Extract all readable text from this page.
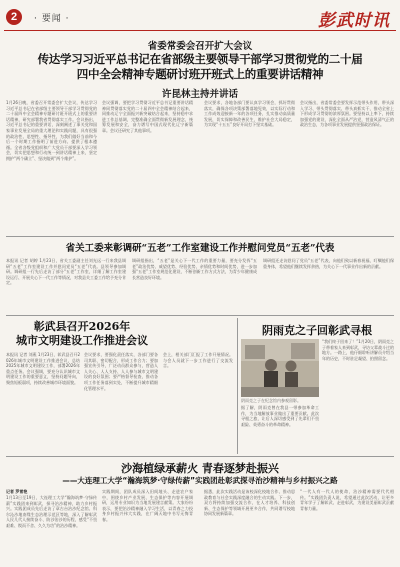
2	· 要闻 ·	彭武时讯
省委常委会召开扩大会议
传达学习习近平总书记在省部级主要领导干部学习贯彻党的二十届
四中全会精神专题研讨班开班式上的重要讲话精神
许昆林主持并讲话
1月26日晚，省委召开常委会扩大会议，传达学习习近平总书记在省部级主要领导干部学习贯彻党的二十届四中全会精神专题研讨班开班式上的重要讲话精神，研究部署我省贯彻落实工作。会议指出，习近平总书记的重要讲话，深刻阐述了事关党和国家事业发展全局的重大理论和实践问题，具有很强的政治性、思想性、指导性，为我们做好当前和今后一个时期工作指明了前进方向、提供了根本遵循。全省各级党组织和广大党员干部要深入学习领会，切实把思想和行动统一到讲话精神上来，坚定拥护“两个确立”、坚决做到“两个维护”。
会议强调，要把学习贯彻习近平总书记重要讲话精神同贯彻落实党的二十届四中全会精神结合起来，同推动辽宁全面振兴新突破结合起来，坚持稳中求进工作总基调，完整准确全面贯彻新发展理念，统筹发展和安全，奋力谱写中国式现代化辽宁新篇章。会议还研究了其他事项。
会议要求，各地各部门要认真学习领会，抓好贯彻落实，确保各项决策部署落地见效，以实际行动和工作成效迎接新一年的各项任务，扎实推动高质量发展，切实保障和改善民生，维护社会大局稳定，为实现“十五五”良好开局打下坚实基础。
会议指出，省委常委会要发挥示范带头作用，带头深入学习、带头贯彻落实、带头真抓实干，推动全省上下形成学习贯彻的浓厚氛围。要坚持以上率下，持续加强党的建设，深化全面从严治党，营造风清气正的政治生态，为各项事业发展提供坚强政治保证。
省关工委来彰调研“五老”工作室建设工作并慰问党员“五老”代表
本报讯 记者 胡婷 1月23日，省关工委副主任刘光远一行来我县调研“五老”工作室建设工作并慰问党员“五老”代表。县领导参加调研。调研组一行先后走访了部分“五老”工作室，详细了解工作室建设运行、开展关心下一代工作等情况，对我县关工委工作给予充分肯定。
调研组指出，“五老”是关心下一代工作的重要力量，要充分发挥“五老”政治优势、威望优势、经验优势、亲情优势和时间优势，进一步加强“五老”工作室规范化建设，不断创新工作方式方法，为青少年健康成长营造良好环境。
调研组还走访慰问了党员“五老”代表，向他们致以新春祝福，叮嘱他们保重身体，希望他们继续发挥余热，为关心下一代事业作出新的贡献。
彰武县召开2026年
城市文明建设工作推进会议
本报讯 记者 刘燕 1月23日，彰武县召开2026年城市文明建设工作推进会议，总结2025年城市文明建设工作，部署2026年重点任务。会议强调，要充分认识城市文明建设工作的重要意义，坚持问题导向，聚焦短板弱项，持续改善城市环境面貌。
会议要求，要强化责任落实，各部门要各司其职、密切配合，形成工作合力；要加强宣传引导，广泛动员群众参与，营造人人关心、人人支持、人人参与城市文明建设的良好氛围；要严格督导检查，推动各项工作任务落到实处，不断提升城市精细化管理水平。
会上，相关部门汇报了工作开展情况。与会人员就下一步工作进行了交流发言。
阴雨克之子回彰武寻根
阴雨克之子在纪念馆内参观留影。
“我们终于回来了！”1月20日，阴雨克之子带着家人来到彰武，寻访父辈战斗过的地方。一路上，他仔细聆听讲解员介绍当年的历史，不时驻足凝望、拍照留念。
据了解，阴雨克曾在我县一带参加革命工作，为当地解放事业做出了重要贡献。此次寻根之旅，让后人深切感受到了先辈们不畏艰险、英勇奋斗的革命精神。
沙海植绿承薪火 青春逐梦赴振兴
——大连理工大学“瀚海筑梦·守绿传薪”实践团赴彰武探寻治沙精神与乡村振兴之路
记者 罗雪艳
1月13日至19日，大连理工大学“瀚海筑梦·守绿传薪”实践团来到彰武，探寻治沙精神，助力乡村振兴。实践团成员先后走访了章古台治沙纪念馆、科尔沁沙地南缘生态治理示范区等地，深入了解彰武人民几代人接续奋斗、防沙治沙的历程，感受“不畏艰难、锲而不舍、久久为功”的治沙精神。
实践期间，团队成员深入田间地头、走进农户家中，围绕乡村产业发展、生态保护等内容开展调研，运用专业知识为当地发展建言献策。大家纷纷表示，要把治沙精神融入学习生活，以青春之力投身乡村振兴伟大实践，在广阔天地中书写无悔青春。
据悉，此次实践活动是该校深化校地合作、推动思政教育与社会实践深度融合的生动实践。下一步，双方将持续加强交流合作，在人才培养、科技创新、生态保护等领域开展更多合作，共同谱写校地协同发展新篇章。
“一代人有一代人的使命，治沙精神需要代代相传。”实践团负责人说，希望通过此次活动，让更多青年学子了解彰武、走进彰武，为建设美丽彰武贡献青春力量。
